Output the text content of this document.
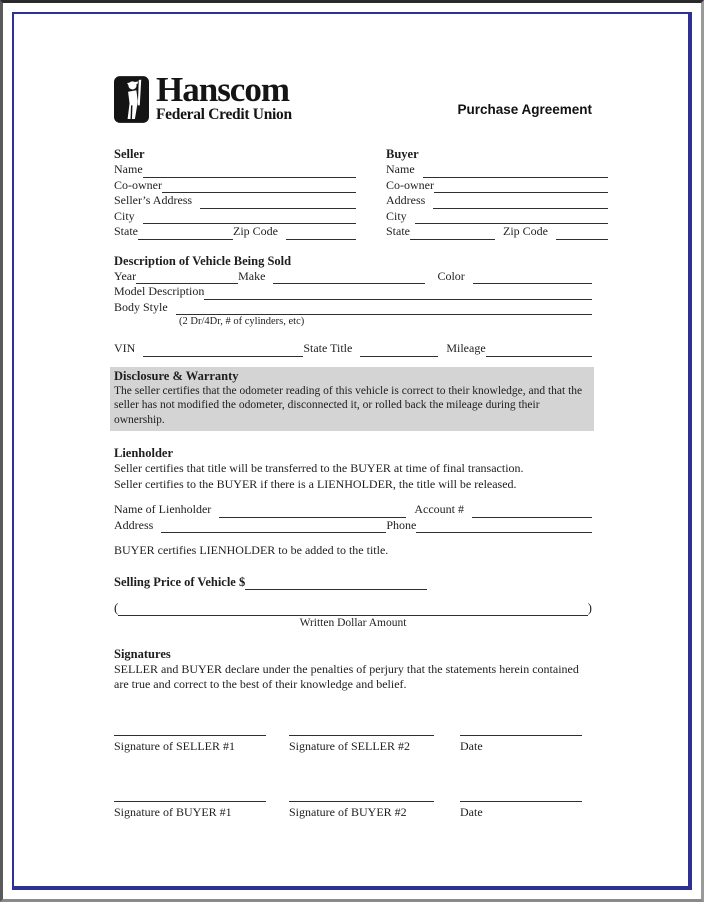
Hanscom
Federal Credit Union	Purchase Agreement
Seller
Name
Co-owner
Seller’s Address
City
State	Zip Code
Buyer
Name
Co-owner
Address
City
State	Zip Code
Description of Vehicle Being Sold
Year	Make	Color
Model Description
Body Style
(2 Dr/4Dr, # of cylinders, etc)
VIN	State Title	Mileage
Disclosure & Warranty
The seller certifies that the odometer reading of this vehicle is correct to their knowledge, and that the seller has not modified the odometer, disconnected it, or rolled back the mileage during their ownership.
Lienholder
Seller certifies that title will be transferred to the BUYER at time of final transaction.
Seller certifies to the BUYER if there is a LIENHOLDER, the title will be released.
Name of Lienholder	Account #
Address	Phone
BUYER certifies LIENHOLDER to be added to the title.
Selling Price of Vehicle $
(	)
Written Dollar Amount
Signatures
SELLER and BUYER declare under the penalties of perjury that the statements herein contained are true and correct to the best of their knowledge and belief.
Signature of SELLER #1	Signature of SELLER #2	Date
Signature of BUYER #1	Signature of BUYER #2	Date
